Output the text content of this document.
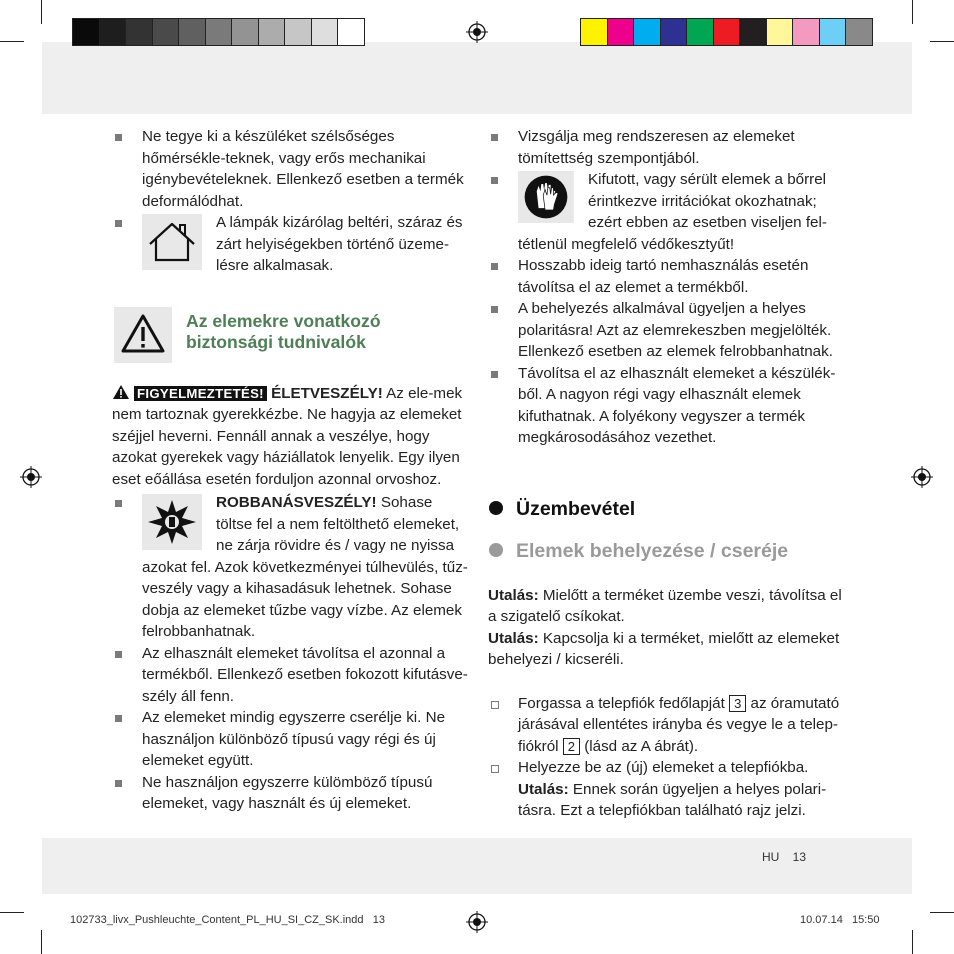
Ne tegye ki a készüléket szélsőséges hőmérsékle-teknek, vagy erős mechanikai igénybevételeknek. Ellenkező esetben a termék deformálódhat.
A lámpák kizárólag beltéri, száraz és zárt helyiségekben történő üzeme-lésre alkalmasak.
Az elemekre vonatkozó biztonsági tudnivalók
FIGYELMEZTETÉS! ÉLETVESZÉLY! Az ele-mek nem tartoznak gyerekkézbe. Ne hagyja az elemeket széjjel heverni. Fennáll annak a veszélye, hogy azokat gyerekek vagy háziállatok lenyelik. Egy ilyen eset eőállása esetén forduljon azonnal orvoshoz.
ROBBANÁSVESZÉLY! Sohase töltse fel a nem feltölthető elemeket, ne zárja rövidre és / vagy ne nyissa azokat fel. Azok következményei túlhevülés, tűz-veszély vagy a kihasadásuk lehetnek. Sohase dobja az elemeket tűzbe vagy vízbe. Az elemek felrobbanhatnak.
Az elhasznált elemeket távolítsa el azonnal a termékből. Ellenkező esetben fokozott kifutásve-szély áll fenn.
Az elemeket mindig egyszerre cserélje ki. Ne használjon különböző típusú vagy régi és új elemeket együtt.
Ne használjon egyszerre külömböző típusú elemeket, vagy használt és új elemeket.
Vizsgálja meg rendszeresen az elemeket tömítettség szempontjából.
Kifutott, vagy sérült elemek a bőrrel érintkezve irritációkat okozhatnak; ezért ebben az esetben viseljen fel-tétlenül megfelelő védőkesztyűt!
Hosszabb ideig tartó nemhasználás esetén távolítsa el az elemet a termékből.
A behelyezés alkalmával ügyeljen a helyes polaritásra! Azt az elemrekeszben megjelölték. Ellenkező esetben az elemek felrobbanhatnak.
Távolítsa el az elhasznált elemeket a készülék-ből. A nagyon régi vagy elhasznált elemek kifuthatnak. A folyékony vegyszer a termék megkárosodásához vezethet.
Üzembevétel
Elemek behelyezése / cseréje
Utalás: Mielőtt a terméket üzembe veszi, távolítsa el a szigatelő csíkokat.
Utalás: Kapcsolja ki a terméket, mielőtt az elemeket behelyezi / kicseréli.
Forgassa a telepfiók fedőlapját 3 az óramutató járásával ellentétes irányba és vegye le a telep-fiókról 2 (lásd az A ábrát).
Helyezze be az (új) elemeket a telepfiókba.
Utalás: Ennek során ügyeljen a helyes polari-tásra. Ezt a telepfiókban található rajz jelzi.
HU    13
102733_livx_Pushleuchte_Content_PL_HU_SI_CZ_SK.indd   13	10.07.14   15:50
